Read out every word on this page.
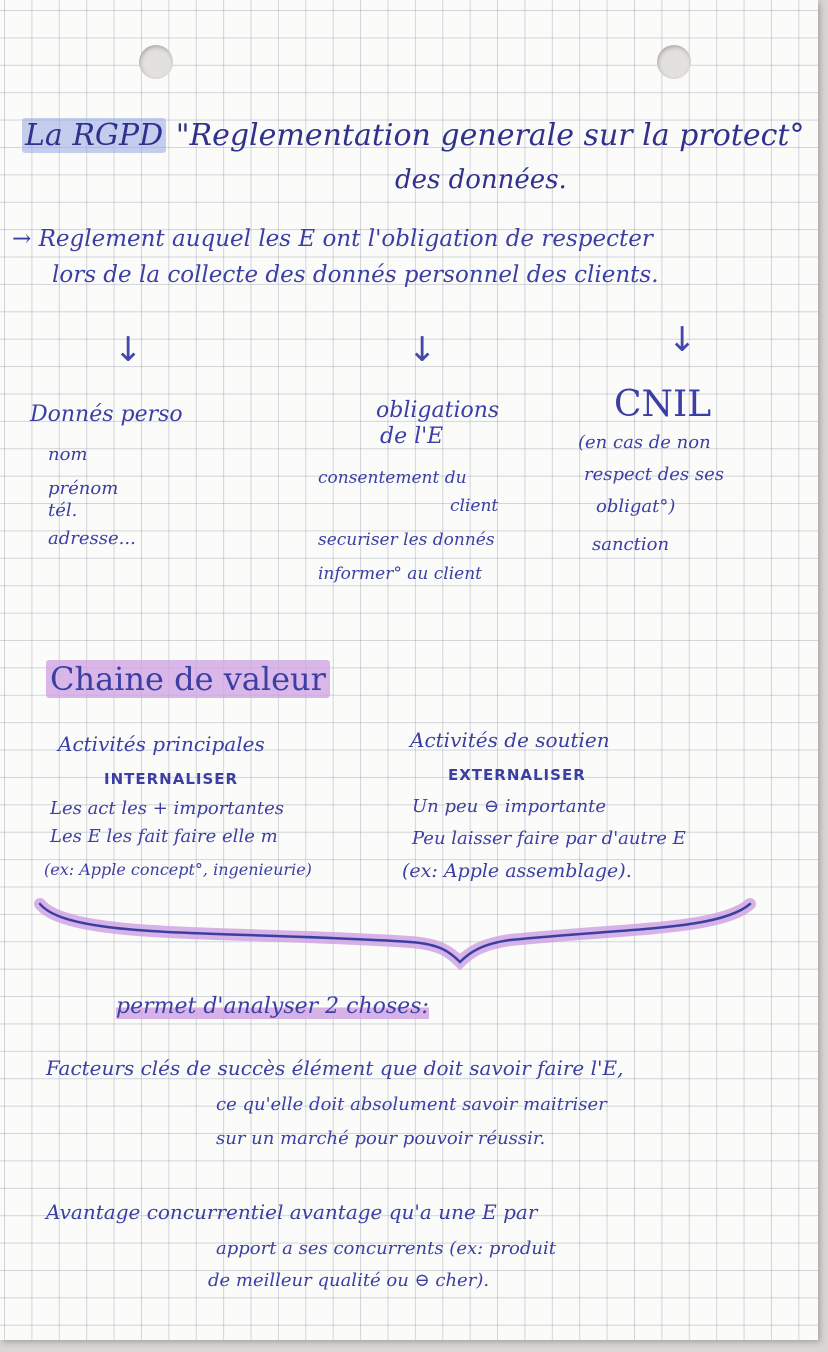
La RGPD "Reglementation generale sur la protect°
des données.
→ Reglement auquel les E ont l'obligation de respecter
lors de la collecte des donnés personnel des clients.
↓	↓	↓
Donnés perso
nom
prénom
tél.
adresse...
obligations
de l'E
consentement du
client
securiser les donnés
informer° au client
CNIL
(en cas de non
respect des ses
obligat°)
sanction
Chaine de valeur
Activités principales
INTERNALISER
Les act les + importantes
Les E les fait faire elle m
(ex: Apple concept°, ingenieurie)
Activités de soutien
EXTERNALISER
Un peu ⊖ importante
Peu laisser faire par d'autre E
(ex: Apple assemblage).
permet d'analyser 2 choses:
Facteurs clés de succès élément que doit savoir faire l'E,
ce qu'elle doit absolument savoir maitriser
sur un marché pour pouvoir réussir.
Avantage concurrentiel avantage qu'a une E par
apport a ses concurrents (ex: produit
de meilleur qualité ou ⊖ cher).
